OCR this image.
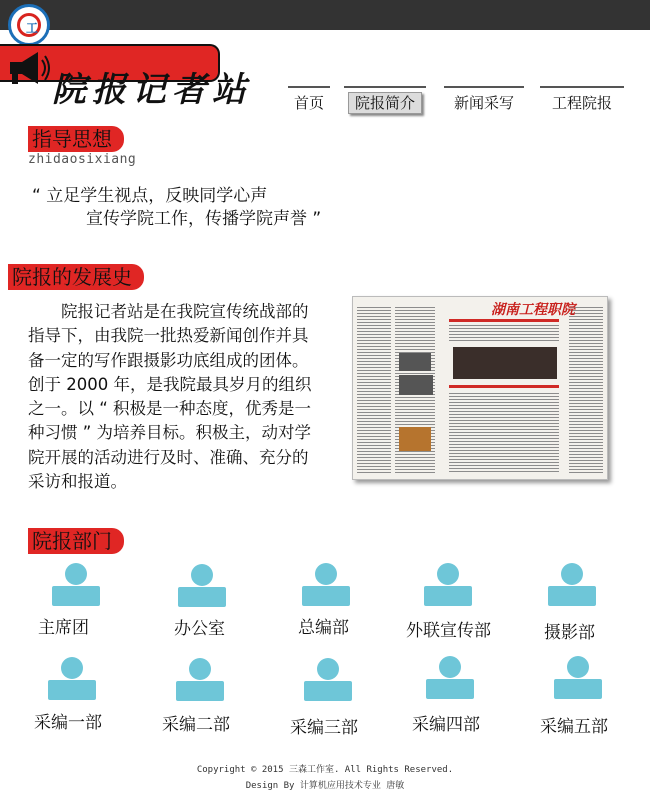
工
院报记者站	首页	院报简介	新闻采写	工程院报
指导思想
zhidaosixiang
“ 立足学生视点，反映同学心声
宣传学院工作，传播学院声誉 ”
院报的发展史

院报记者站是在我院宣传统战部的指导下，由我院一批热爱新闻创作并具备一定的写作跟摄影功底组成的团体。创于 2000 年，是我院最具岁月的组织之一。以 “ 积极是一种态度，优秀是一种习惯 ” 为培养目标。积极主，动对学院开展的活动进行及时、准确、充分的采访和报道。

湖南工程职院
院报部门
主席团	办公室	总编部	外联宣传部	摄影部
采编一部	采编二部	采编三部	采编四部	采编五部
Copyright © 2015 三森工作室. All Rights Reserved.
Design By 计算机应用技术专业 唐敏
